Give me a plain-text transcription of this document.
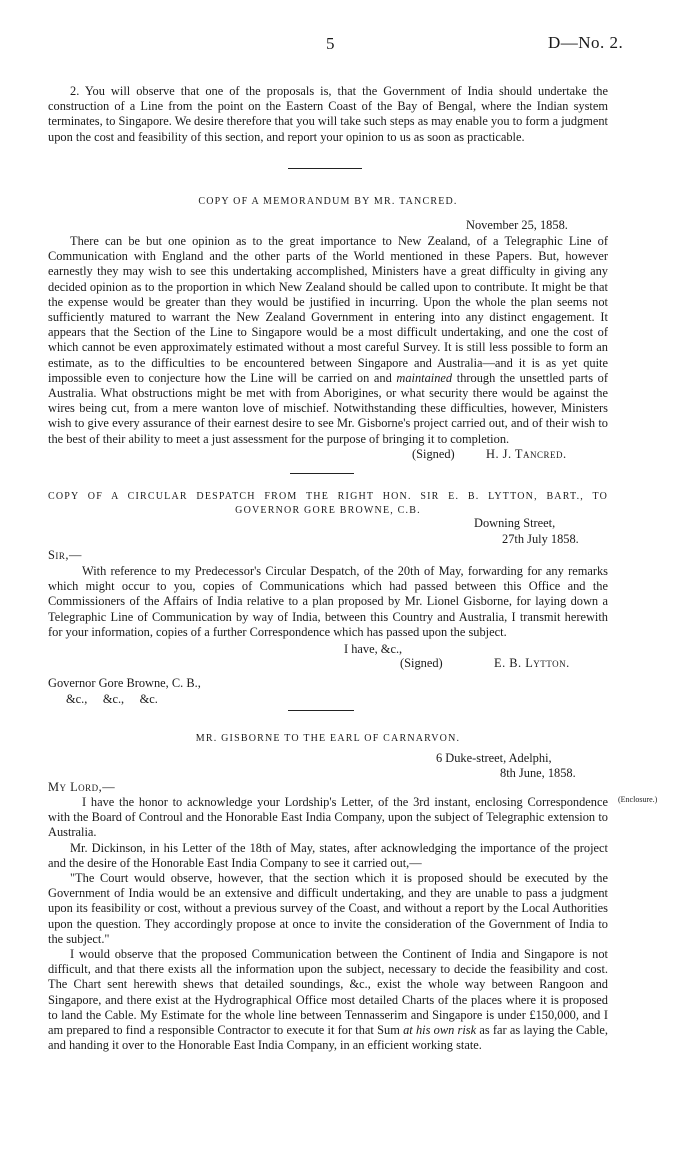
5	D—No. 2.

2. You will observe that one of the proposals is, that the Government of India should undertake the construction of a Line from the point on the Eastern Coast of the Bay of Bengal, where the Indian system terminates, to Singapore. We desire therefore that you will take such steps as may enable you to form a judgment upon the cost and feasibility of this section, and report your opinion to us as soon as practicable.

COPY OF A MEMORANDUM BY MR. TANCRED.
November 25, 1858.

There can be but one opinion as to the great importance to New Zealand, of a Telegraphic Line of Communication with England and the other parts of the World mentioned in these Papers. But, however earnestly they may wish to see this undertaking accomplished, Ministers have a great difficulty in giving any decided opinion as to the proportion in which New Zealand should be called upon to contribute. It might be that the expense would be greater than they would be justified in incurring. Upon the whole the plan seems not sufficiently matured to warrant the New Zealand Government in entering into any distinct engagement. It appears that the Section of the Line to Singapore would be a most difficult undertaking, and one the cost of which cannot be even approximately estimated without a most careful Survey. It is still less possible to form an estimate, as to the difficulties to be encountered between Singapore and Australia—and it is as yet quite impossible even to conjecture how the Line will be carried on and maintained through the unsettled parts of Australia. What obstructions might be met with from Aborigines, or what security there would be against the wires being cut, from a mere wanton love of mischief. Notwithstanding these difficulties, however, Ministers wish to give every assurance of their earnest desire to see Mr. Gisborne's project carried out, and of their wish to the best of their ability to meet a just assessment for the purpose of bringing it to completion.

(Signed)	H. J. Tancred.
COPY OF A CIRCULAR DESPATCH FROM THE RIGHT HON. SIR E. B. LYTTON, BART., TO
GOVERNOR GORE BROWNE, C.B.
Downing Street,
27th July 1858.
Sir,—

With reference to my Predecessor's Circular Despatch, of the 20th of May, forwarding for any remarks which might occur to you, copies of Communications which had passed between this Office and the Commissioners of the Affairs of India relative to a plan proposed by Mr. Lionel Gisborne, for laying down a Telegraphic Line of Communication by way of India, between this Country and Australia, I transmit herewith for your information, copies of a further Correspondence which has passed upon the subject.

I have, &c.,
(Signed)	E. B. Lytton.
Governor Gore Browne, C. B.,
&c.,     &c.,     &c.
MR. GISBORNE TO THE EARL OF CARNARVON.
6 Duke-street, Adelphi,
8th June, 1858.
My Lord,—
(Enclosure.)

I have the honor to acknowledge your Lordship's Letter, of the 3rd instant, enclosing Correspondence with the Board of Controul and the Honorable East India Company, upon the subject of Telegraphic extension to Australia.

Mr. Dickinson, in his Letter of the 18th of May, states, after acknowledging the importance of the project and the desire of the Honorable East India Company to see it carried out,—

"The Court would observe, however, that the section which it is proposed should be executed by the Government of India would be an extensive and difficult undertaking, and they are unable to pass a judgment upon its feasibility or cost, without a previous survey of the Coast, and without a report by the Local Authorities upon the question. They accordingly propose at once to invite the consideration of the Government of India to the subject."

I would observe that the proposed Communication between the Continent of India and Singapore is not difficult, and that there exists all the information upon the subject, necessary to decide the feasibility and cost. The Chart sent herewith shews that detailed soundings, &c., exist the whole way between Rangoon and Singapore, and there exist at the Hydrographical Office most detailed Charts of the places where it is proposed to land the Cable. My Estimate for the whole line between Tennasserim and Singapore is under £150,000, and I am prepared to find a responsible Contractor to execute it for that Sum at his own risk as far as laying the Cable, and handing it over to the Honorable East India Company, in an efficient working state.
